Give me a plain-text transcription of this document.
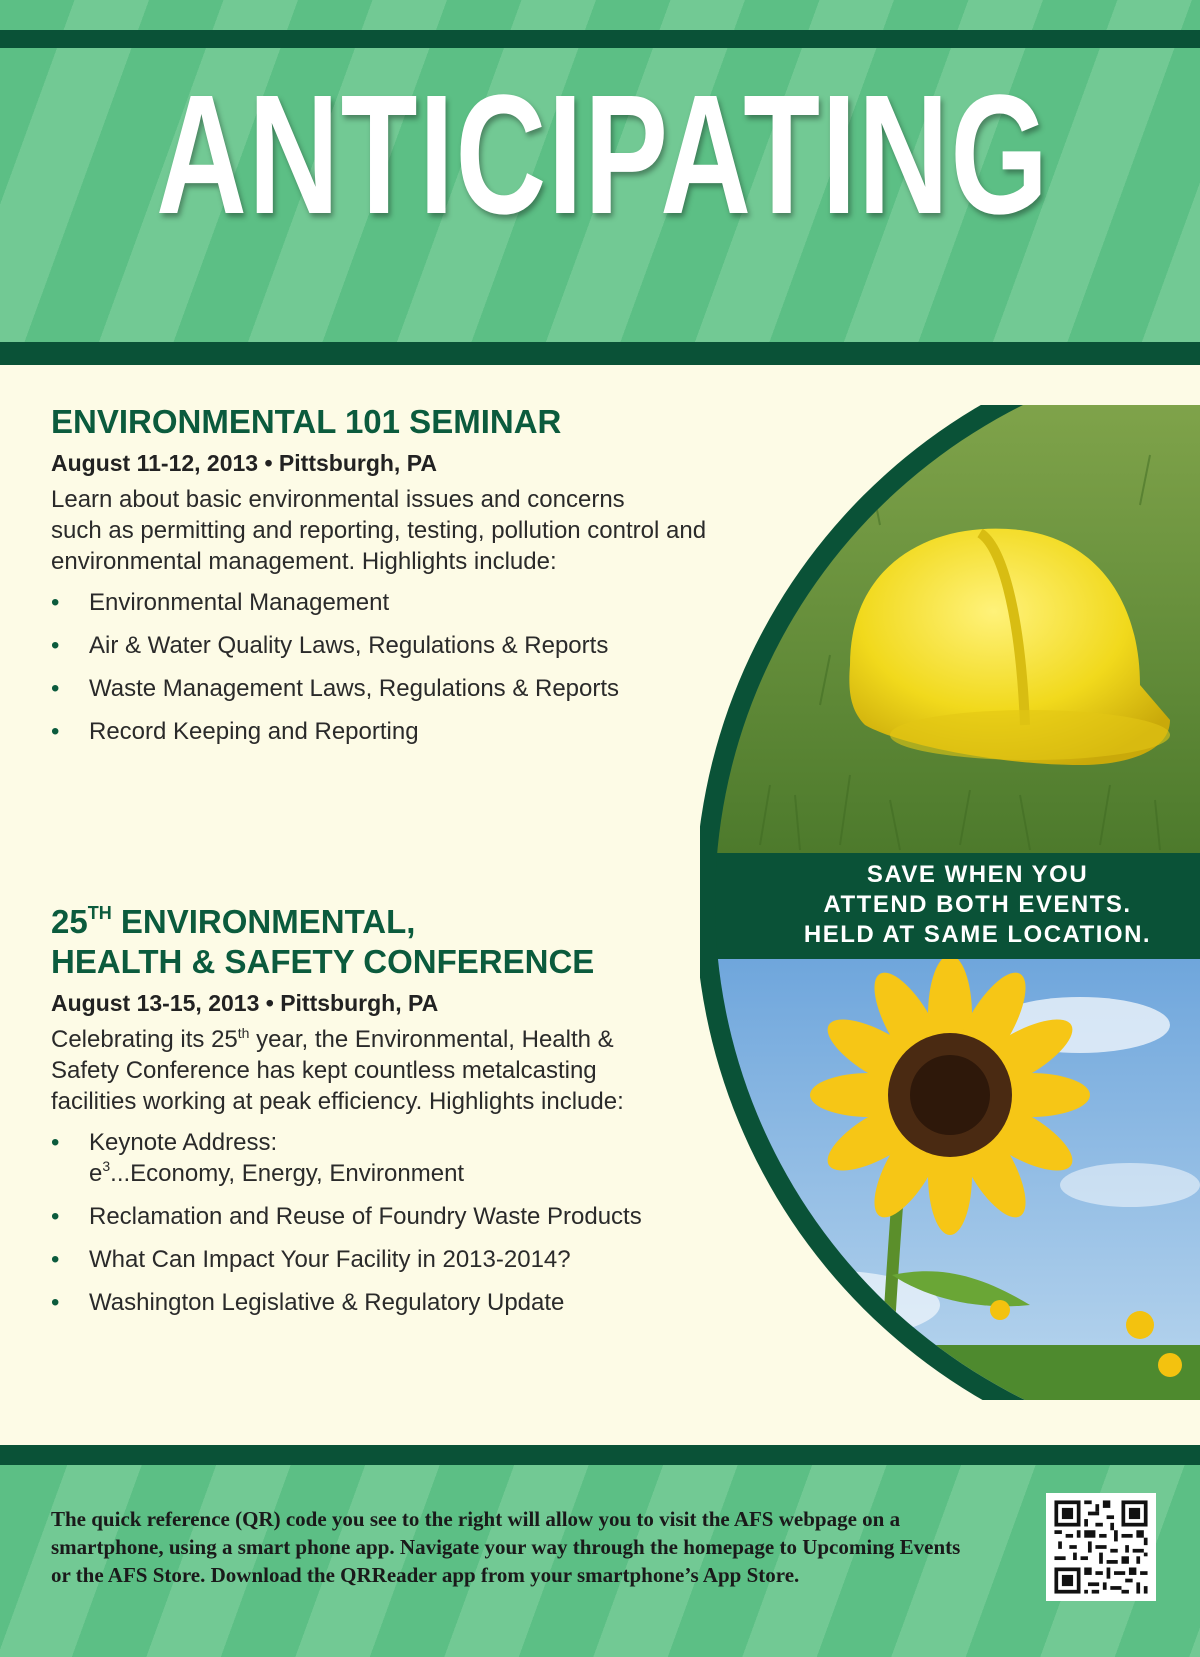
ANTICIPATING
ENVIRONMENTAL 101 SEMINAR
August 11-12, 2013 • Pittsburgh, PA

Learn about basic environmental issues and concerns
such as permitting and reporting, testing, pollution control and
environmental management. Highlights include:

• Environmental Management
• Air & Water Quality Laws, Regulations & Reports
• Waste Management Laws, Regulations & Reports
• Record Keeping and Reporting
25TH ENVIRONMENTAL,
HEALTH & SAFETY CONFERENCE
August 13-15, 2013 • Pittsburgh, PA

Celebrating its 25th year, the Environmental, Health &
Safety Conference has kept countless metalcasting
facilities working at peak efficiency. Highlights include:

• Keynote Address:
$e^3...Economy$, Energy, Environment
• Reclamation and Reuse of Foundry Waste Products
• What Can Impact Your Facility in 2013-2014?
• Washington Legislative & Regulatory Update
SAVE WHEN YOU
ATTEND BOTH EVENTS.
HELD AT SAME LOCATION.
The quick reference (QR) code you see to the right will allow you to visit the AFS webpage on a
smartphone, using a smart phone app. Navigate your way through the homepage to Upcoming Events
or the AFS Store. Download the QRReader app from your smartphone’s App Store.
